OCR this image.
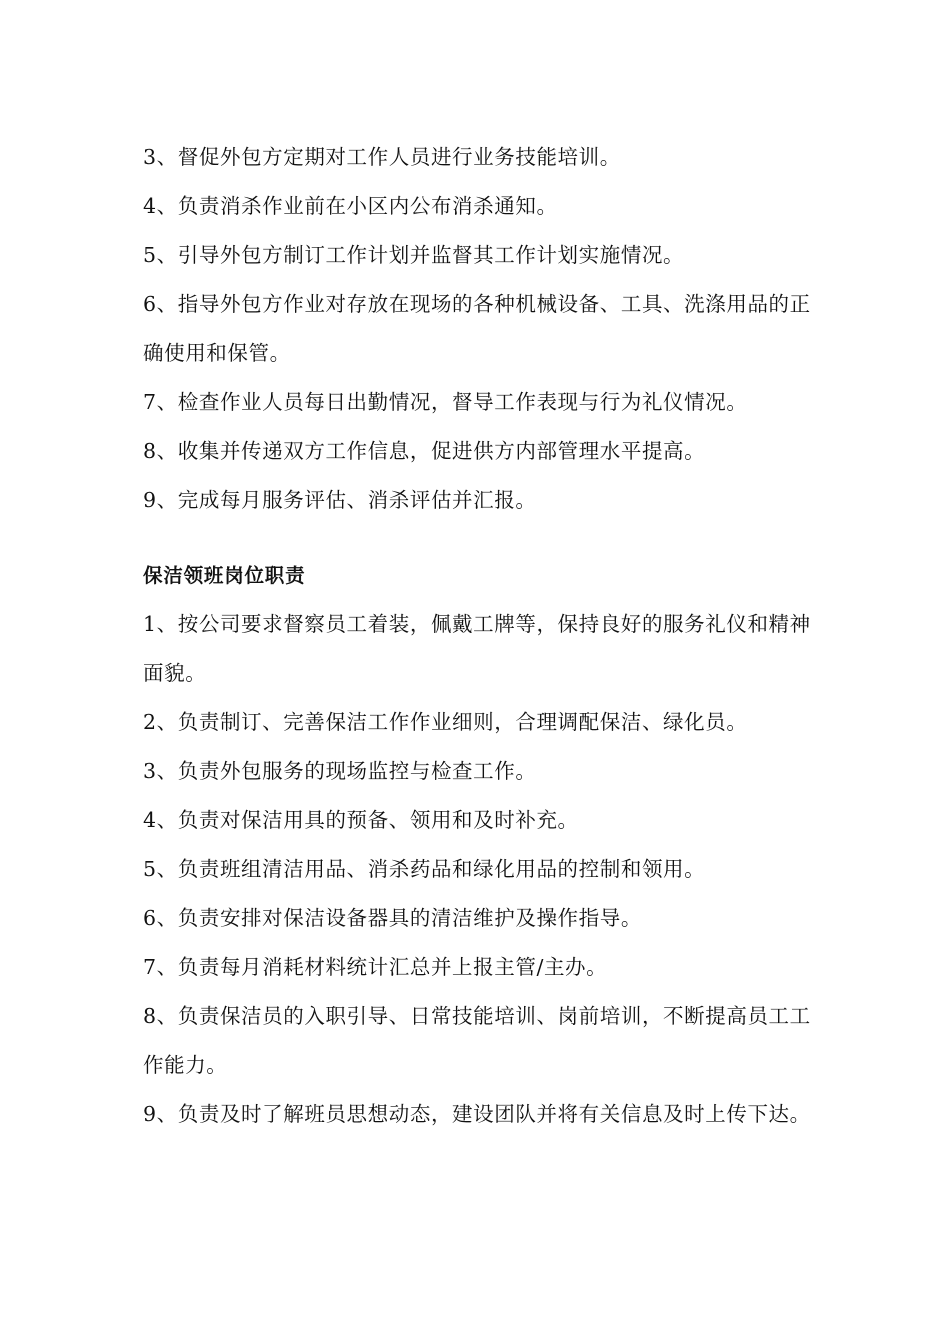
3、督促外包方定期对工作人员进行业务技能培训。

4、负责消杀作业前在小区内公布消杀通知。

5、引导外包方制订工作计划并监督其工作计划实施情况。

6、指导外包方作业对存放在现场的各种机械设备、工具、洗涤用品的正确使用和保管。

7、检查作业人员每日出勤情况，督导工作表现与行为礼仪情况。

8、收集并传递双方工作信息，促进供方内部管理水平提高。

9、完成每月服务评估、消杀评估并汇报。

保洁领班岗位职责

1、按公司要求督察员工着装，佩戴工牌等，保持良好的服务礼仪和精神面貌。

2、负责制订、完善保洁工作作业细则，合理调配保洁、绿化员。

3、负责外包服务的现场监控与检查工作。

4、负责对保洁用具的预备、领用和及时补充。

5、负责班组清洁用品、消杀药品和绿化用品的控制和领用。

6、负责安排对保洁设备器具的清洁维护及操作指导。

7、负责每月消耗材料统计汇总并上报主管/主办。

8、负责保洁员的入职引导、日常技能培训、岗前培训，不断提高员工工作能力。

9、负责及时了解班员思想动态，建设团队并将有关信息及时上传下达。
